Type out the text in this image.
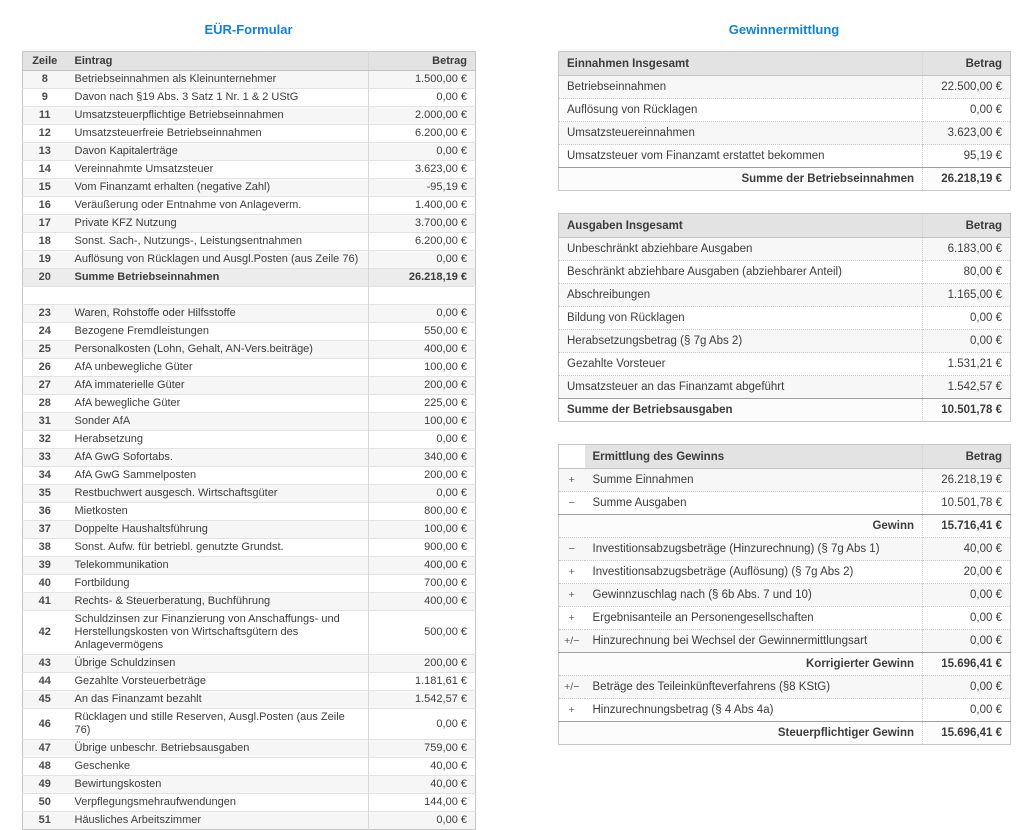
EÜR-Formular
Zeile	Eintrag	Betrag
8	Betriebseinnahmen als Kleinunternehmer	1.500,00 €
9	Davon nach §19 Abs. 3 Satz 1 Nr. 1 & 2 UStG	0,00 €
11	Umsatzsteuerpflichtige Betriebseinnahmen	2.000,00 €
12	Umsatzsteuerfreie Betriebseinnahmen	6.200,00 €
13	Davon Kapitalerträge	0,00 €
14	Vereinnahmte Umsatzsteuer	3.623,00 €
15	Vom Finanzamt erhalten (negative Zahl)	-95,19 €
16	Veräußerung oder Entnahme von Anlageverm.	1.400,00 €
17	Private KFZ Nutzung	3.700,00 €
18	Sonst. Sach-, Nutzungs-, Leistungsentnahmen	6.200,00 €
19	Auflösung von Rücklagen und Ausgl.Posten (aus Zeile 76)	0,00 €
20	Summe Betriebseinnahmen	26.218,19 €

23	Waren, Rohstoffe oder Hilfsstoffe	0,00 €
24	Bezogene Fremdleistungen	550,00 €
25	Personalkosten (Lohn, Gehalt, AN-Vers.beiträge)	400,00 €
26	AfA unbewegliche Güter	100,00 €
27	AfA immaterielle Güter	200,00 €
28	AfA bewegliche Güter	225,00 €
31	Sonder AfA	100,00 €
32	Herabsetzung	0,00 €
33	AfA GwG Sofortabs.	340,00 €
34	AfA GwG Sammelposten	200,00 €
35	Restbuchwert ausgesch. Wirtschaftsgüter	0,00 €
36	Mietkosten	800,00 €
37	Doppelte Haushaltsführung	100,00 €
38	Sonst. Aufw. für betriebl. genutzte Grundst.	900,00 €
39	Telekommunikation	400,00 €
40	Fortbildung	700,00 €
41	Rechts- & Steuerberatung, Buchführung	400,00 €
42	Schuldzinsen zur Finanzierung von Anschaffungs- und Herstellungskosten von Wirtschaftsgütern des Anlagevermögens	500,00 €
43	Übrige Schuldzinsen	200,00 €
44	Gezahlte Vorsteuerbeträge	1.181,61 €
45	An das Finanzamt bezahlt	1.542,57 €
46	Rücklagen und stille Reserven, Ausgl.Posten (aus Zeile 76)	0,00 €
47	Übrige unbeschr. Betriebsausgaben	759,00 €
48	Geschenke	40,00 €
49	Bewirtungskosten	40,00 €
50	Verpflegungsmehraufwendungen	144,00 €
51	Häusliches Arbeitszimmer	0,00 €
Gewinnermittlung
Einnahmen Insgesamt	Betrag
Betriebseinnahmen	22.500,00 €
Auflösung von Rücklagen	0,00 €
Umsatzsteuereinnahmen	3.623,00 €
Umsatzsteuer vom Finanzamt erstattet bekommen	95,19 €
Summe der Betriebseinnahmen	26.218,19 €
Ausgaben Insgesamt	Betrag
Unbeschränkt abziehbare Ausgaben	6.183,00 €
Beschränkt abziehbare Ausgaben (abziehbarer Anteil)	80,00 €
Abschreibungen	1.165,00 €
Bildung von Rücklagen	0,00 €
Herabsetzungsbetrag (§ 7g Abs 2)	0,00 €
Gezahlte Vorsteuer	1.531,21 €
Umsatzsteuer an das Finanzamt abgeführt	1.542,57 €
Summe der Betriebsausgaben	10.501,78 €
	Ermittlung des Gewinns	Betrag
+	Summe Einnahmen	26.218,19 €
−	Summe Ausgaben	10.501,78 €
	Gewinn	15.716,41 €
−	Investitionsabzugsbeträge (Hinzurechnung) (§ 7g Abs 1)	40,00 €
+	Investitionsabzugsbeträge (Auflösung) (§ 7g Abs 2)	20,00 €
+	Gewinnzuschlag nach (§ 6b Abs. 7 und 10)	0,00 €
+	Ergebnisanteile an Personengesellschaften	0,00 €
+/−	Hinzurechnung bei Wechsel der Gewinnermittlungsart	0,00 €
	Korrigierter Gewinn	15.696,41 €
+/−	Beträge des Teileinkünfteverfahrens (§8 KStG)	0,00 €
+	Hinzurechnungsbetrag (§ 4 Abs 4a)	0,00 €
	Steuerpflichtiger Gewinn	15.696,41 €
